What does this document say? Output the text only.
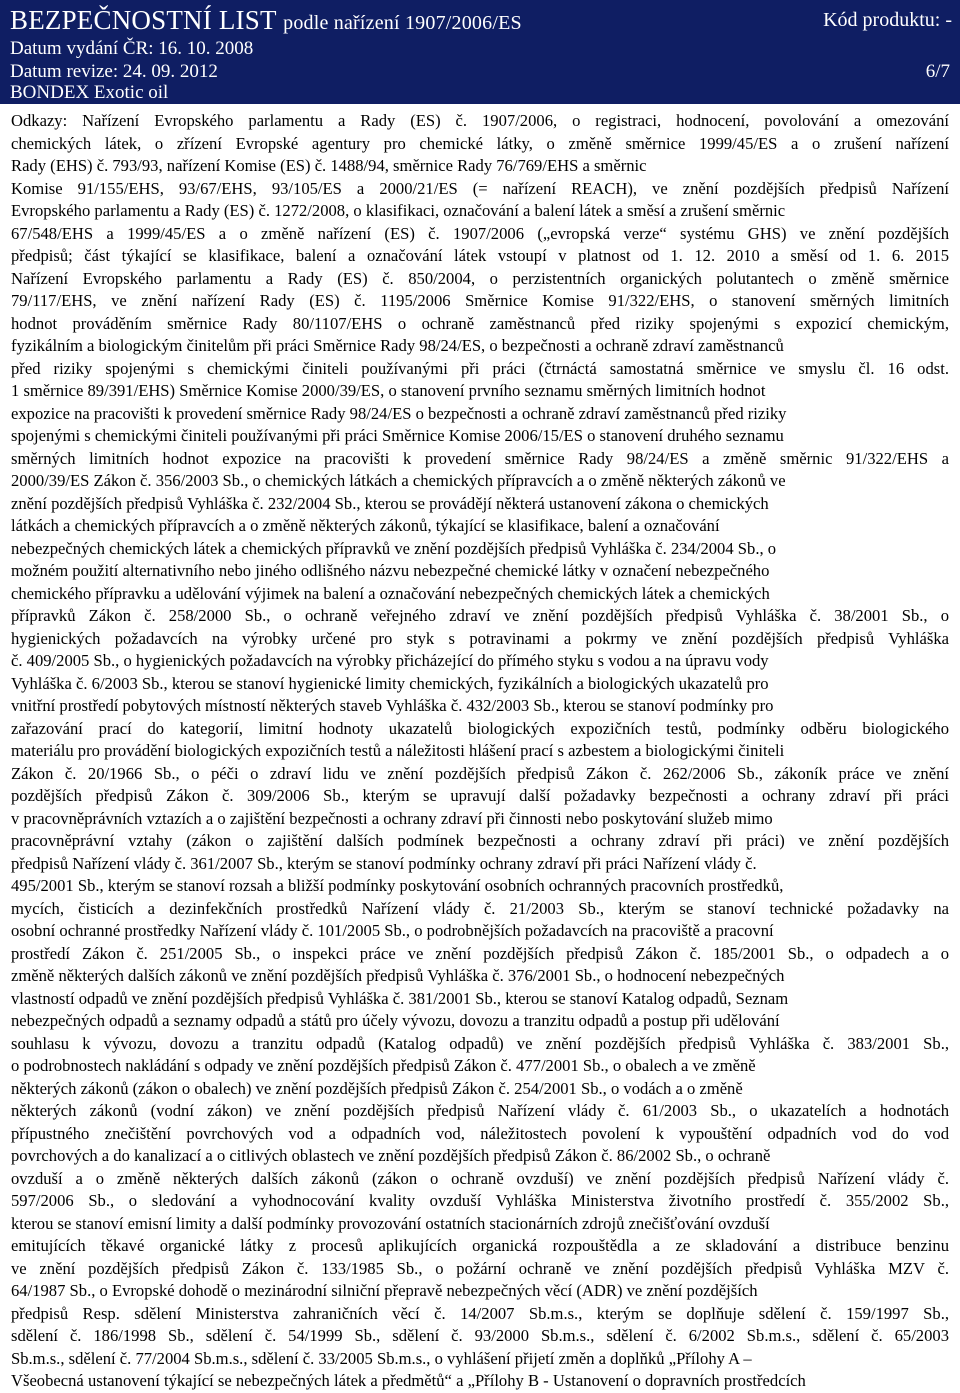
BEZPEČNOSTNÍ LIST podle nařízení 1907/2006/ES	Kód produktu: -
Datum vydání ČR: 16. 10. 2008
Datum revize: 24. 09. 2012	6/7
BONDEX Exotic oil
Odkazy: Nařízení Evropského parlamentu a Rady (ES) č. 1907/2006, o registraci, hodnocení, povolování a omezování
chemických látek, o zřízení Evropské agentury pro chemické látky, o změně směrnice 1999/45/ES a o zrušení nařízení
Rady (EHS) č. 793/93, nařízení Komise (ES) č. 1488/94, směrnice Rady 76/769/EHS a směrnic
Komise 91/155/EHS, 93/67/EHS, 93/105/ES a 2000/21/ES (= nařízení REACH), ve znění pozdějších předpisů Nařízení
Evropského parlamentu a Rady (ES) č. 1272/2008, o klasifikaci, označování a balení látek a směsí a zrušení směrnic
67/548/EHS a 1999/45/ES a o změně nařízení (ES) č. 1907/2006 („evropská verze“ systému GHS) ve znění pozdějších
předpisů; část týkající se klasifikace, balení a označování látek vstoupí v platnost od 1. 12. 2010 a směsí od 1. 6. 2015
Nařízení Evropského parlamentu a Rady (ES) č. 850/2004, o perzistentních organických polutantech o změně směrnice
79/117/EHS, ve znění nařízení Rady (ES) č. 1195/2006 Směrnice Komise 91/322/EHS, o stanovení směrných limitních
hodnot prováděním směrnice Rady 80/1107/EHS o ochraně zaměstnanců před riziky spojenými s expozicí chemickým,
fyzikálním a biologickým činitelům při práci Směrnice Rady 98/24/ES, o bezpečnosti a ochraně zdraví zaměstnanců
před riziky spojenými s chemickými činiteli používanými při práci (čtrnáctá samostatná směrnice ve smyslu čl. 16 odst.
1 směrnice 89/391/EHS) Směrnice Komise 2000/39/ES, o stanovení prvního seznamu směrných limitních hodnot
expozice na pracovišti k provedení směrnice Rady 98/24/ES o bezpečnosti a ochraně zdraví zaměstnanců před riziky
spojenými s chemickými činiteli používanými při práci Směrnice Komise 2006/15/ES o stanovení druhého seznamu
směrných limitních hodnot expozice na pracovišti k provedení směrnice Rady 98/24/ES a změně směrnic 91/322/EHS a
2000/39/ES Zákon č. 356/2003 Sb., o chemických látkách a chemických přípravcích a o změně některých zákonů ve
znění pozdějších předpisů Vyhláška č. 232/2004 Sb., kterou se provádějí některá ustanovení zákona o chemických
látkách a chemických přípravcích a o změně některých zákonů, týkající se klasifikace, balení a označování
nebezpečných chemických látek a chemických přípravků ve znění pozdějších předpisů Vyhláška č. 234/2004 Sb., o
možném použití alternativního nebo jiného odlišného názvu nebezpečné chemické látky v označení nebezpečného
chemického přípravku a udělování výjimek na balení a označování nebezpečných chemických látek a chemických
přípravků Zákon č. 258/2000 Sb., o ochraně veřejného zdraví ve znění pozdějších předpisů Vyhláška č. 38/2001 Sb., o
hygienických požadavcích na výrobky určené pro styk s potravinami a pokrmy ve znění pozdějších předpisů Vyhláška
č. 409/2005 Sb., o hygienických požadavcích na výrobky přicházející do přímého styku s vodou a na úpravu vody
Vyhláška č. 6/2003 Sb., kterou se stanoví hygienické limity chemických, fyzikálních a biologických ukazatelů pro
vnitřní prostředí pobytových místností některých staveb Vyhláška č. 432/2003 Sb., kterou se stanoví podmínky pro
zařazování prací do kategorií, limitní hodnoty ukazatelů biologických expozičních testů, podmínky odběru biologického
materiálu pro provádění biologických expozičních testů a náležitosti hlášení prací s azbestem a biologickými činiteli
Zákon č. 20/1966 Sb., o péči o zdraví lidu ve znění pozdějších předpisů Zákon č. 262/2006 Sb., zákoník práce ve znění
pozdějších předpisů Zákon č. 309/2006 Sb., kterým se upravují další požadavky bezpečnosti a ochrany zdraví při práci
v pracovněprávních vztazích a o zajištění bezpečnosti a ochrany zdraví při činnosti nebo poskytování služeb mimo
pracovněprávní vztahy (zákon o zajištění dalších podmínek bezpečnosti a ochrany zdraví při práci) ve znění pozdějších
předpisů Nařízení vlády č. 361/2007 Sb., kterým se stanoví podmínky ochrany zdraví při práci Nařízení vlády č.
495/2001 Sb., kterým se stanoví rozsah a bližší podmínky poskytování osobních ochranných pracovních prostředků,
mycích, čisticích a dezinfekčních prostředků Nařízení vlády č. 21/2003 Sb., kterým se stanoví technické požadavky na
osobní ochranné prostředky Nařízení vlády č. 101/2005 Sb., o podrobnějších požadavcích na pracoviště a pracovní
prostředí Zákon č. 251/2005 Sb., o inspekci práce ve znění pozdějších předpisů Zákon č. 185/2001 Sb., o odpadech a o
změně některých dalších zákonů ve znění pozdějších předpisů Vyhláška č. 376/2001 Sb., o hodnocení nebezpečných
vlastností odpadů ve znění pozdějších předpisů Vyhláška č. 381/2001 Sb., kterou se stanoví Katalog odpadů, Seznam
nebezpečných odpadů a seznamy odpadů a států pro účely vývozu, dovozu a tranzitu odpadů a postup při udělování
souhlasu k vývozu, dovozu a tranzitu odpadů (Katalog odpadů) ve znění pozdějších předpisů Vyhláška č. 383/2001 Sb.,
o podrobnostech nakládání s odpady ve znění pozdějších předpisů Zákon č. 477/2001 Sb., o obalech a ve změně
některých zákonů (zákon o obalech) ve znění pozdějších předpisů Zákon č. 254/2001 Sb., o vodách a o změně
některých zákonů (vodní zákon) ve znění pozdějších předpisů Nařízení vlády č. 61/2003 Sb., o ukazatelích a hodnotách
přípustného znečištění povrchových vod a odpadních vod, náležitostech povolení k vypouštění odpadních vod do vod
povrchových a do kanalizací a o citlivých oblastech ve znění pozdějších předpisů Zákon č. 86/2002 Sb., o ochraně
ovzduší a o změně některých dalších zákonů (zákon o ochraně ovzduší) ve znění pozdějších předpisů Nařízení vlády č.
597/2006 Sb., o sledování a vyhodnocování kvality ovzduší Vyhláška Ministerstva životního prostředí č. 355/2002 Sb.,
kterou se stanoví emisní limity a další podmínky provozování ostatních stacionárních zdrojů znečišťování ovzduší
emitujících těkavé organické látky z procesů aplikujících organická rozpouštědla a ze skladování a distribuce benzinu
ve znění pozdějších předpisů Zákon č. 133/1985 Sb., o požární ochraně ve znění pozdějších předpisů Vyhláška MZV č.
64/1987 Sb., o Evropské dohodě o mezinárodní silniční přepravě nebezpečných věcí (ADR) ve znění pozdějších
předpisů Resp. sdělení Ministerstva zahraničních věcí č. 14/2007 Sb.m.s., kterým se doplňuje sdělení č. 159/1997 Sb.,
sdělení č. 186/1998 Sb., sdělení č. 54/1999 Sb., sdělení č. 93/2000 Sb.m.s., sdělení č. 6/2002 Sb.m.s., sdělení č. 65/2003
Sb.m.s., sdělení č. 77/2004 Sb.m.s., sdělení č. 33/2005 Sb.m.s., o vyhlášení přijetí změn a doplňků „Přílohy A –
Všeobecná ustanovení týkající se nebezpečných látek a předmětů“ a „Přílohy B - Ustanovení o dopravních prostředcích
